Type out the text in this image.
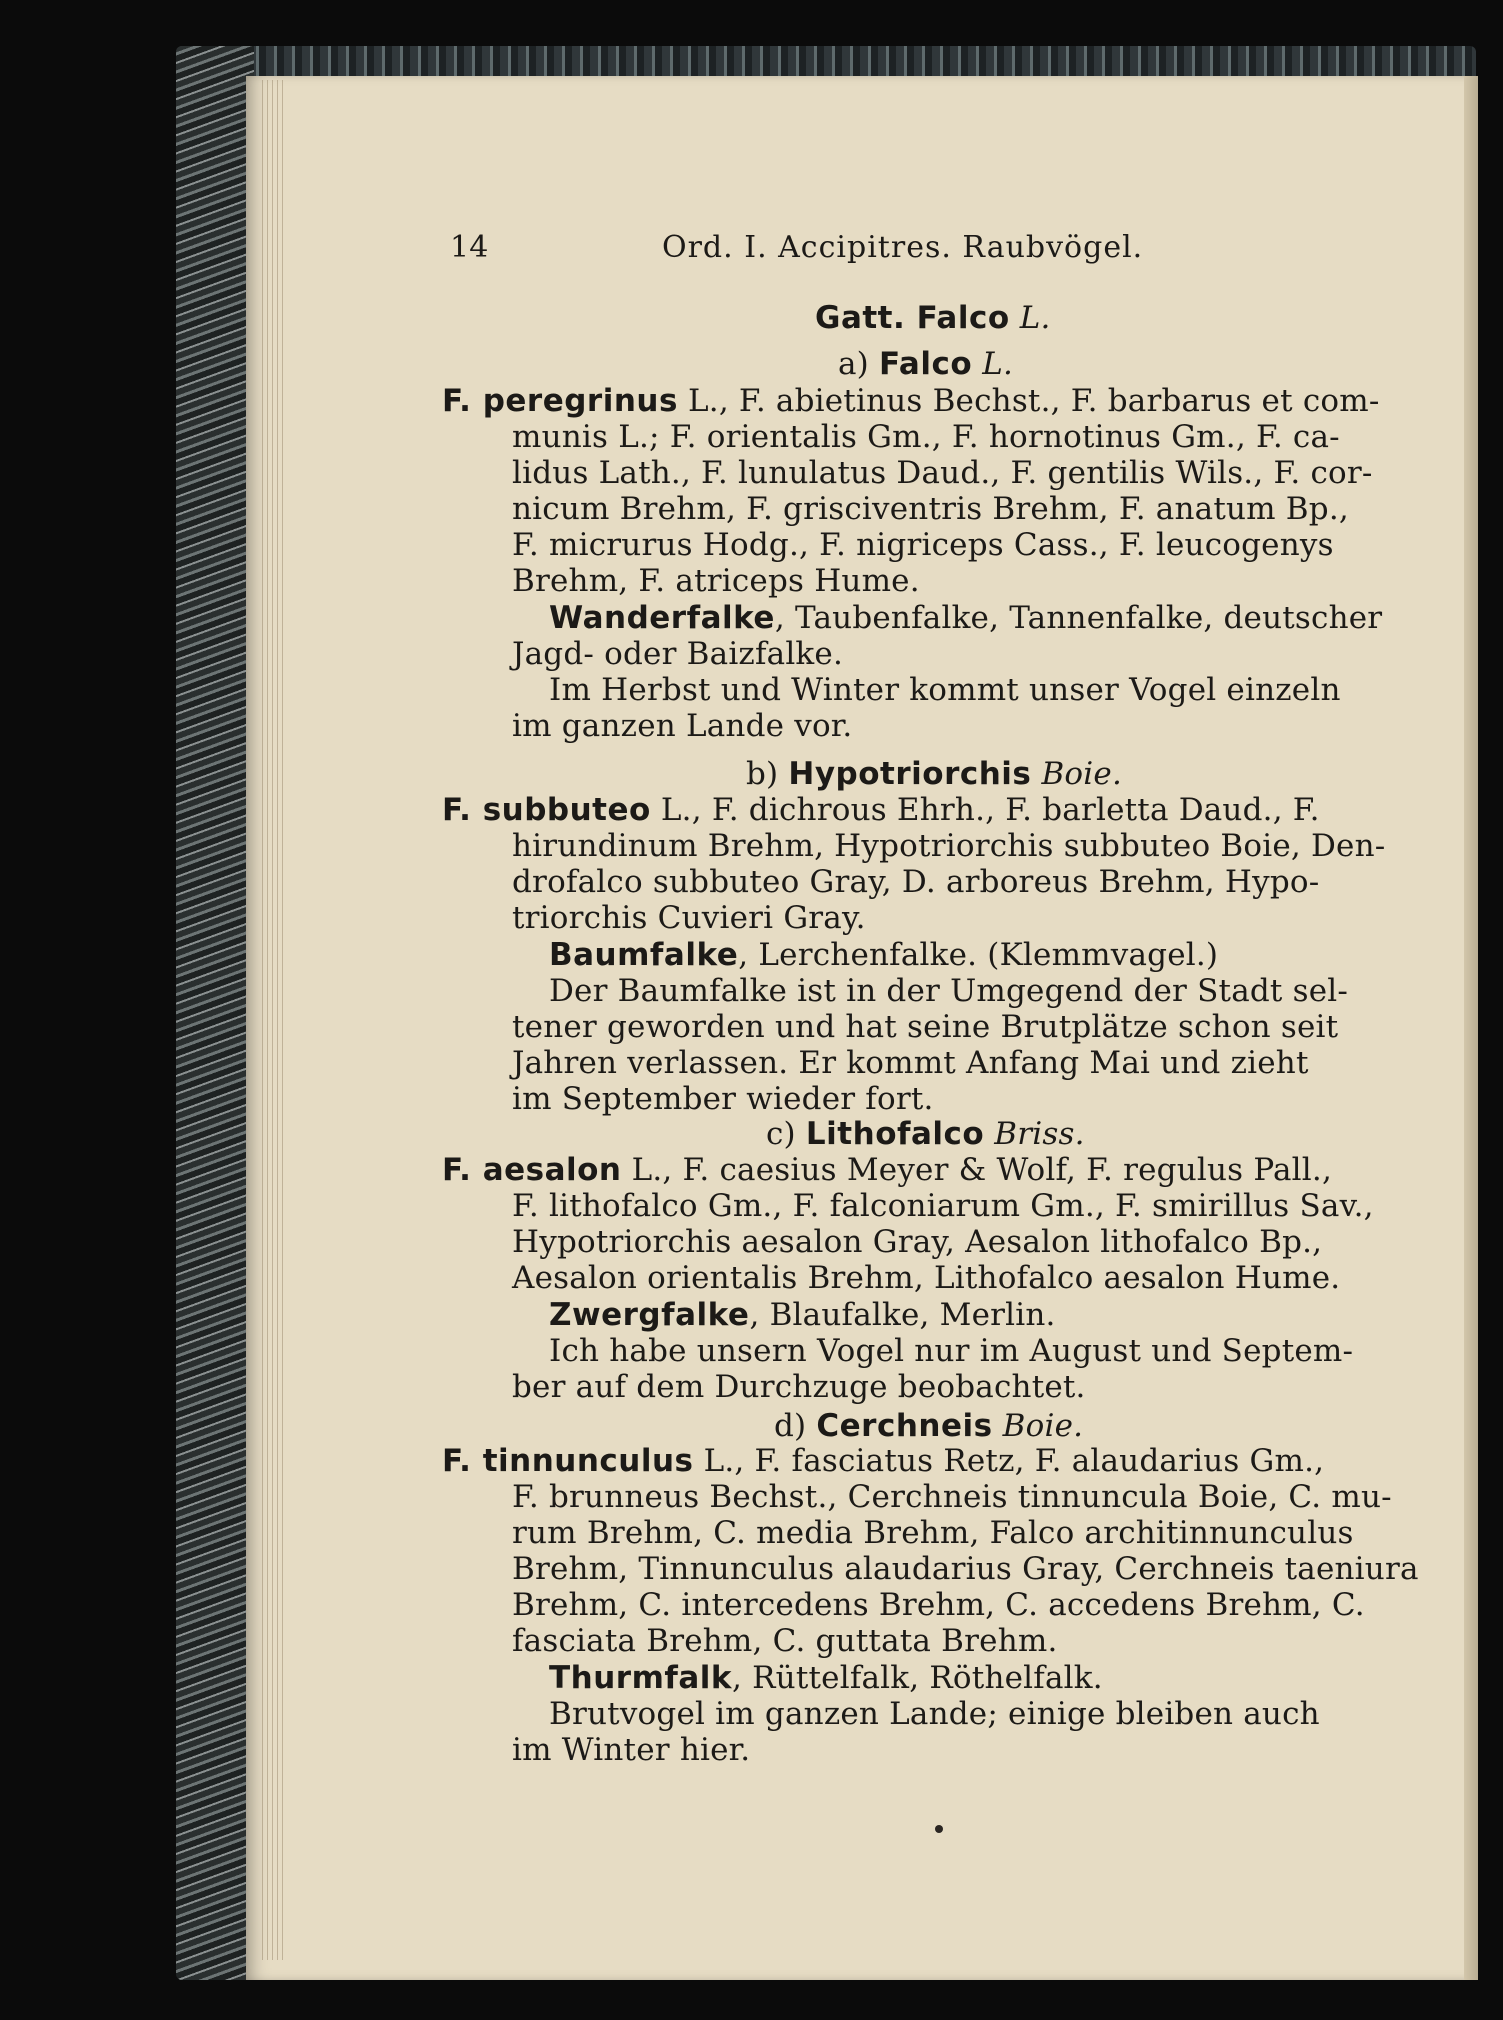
14	Ord. I. Accipitres. Raubvögel.
Gatt. Falco L.
a) Falco L.
F. peregrinus L., F. abietinus Bechst., F. barbarus et com-
munis L.; F. orientalis Gm., F. hornotinus Gm., F. ca-
lidus Lath., F. lunulatus Daud., F. gentilis Wils., F. cor-
nicum Brehm, F. grisciventris Brehm, F. anatum Bp.,
F. micrurus Hodg., F. nigriceps Cass., F. leucogenys
Brehm, F. atriceps Hume.
Wanderfalke, Taubenfalke, Tannenfalke, deutscher
Jagd- oder Baizfalke.
Im Herbst und Winter kommt unser Vogel einzeln
im ganzen Lande vor.
b) Hypotriorchis Boie.
F. subbuteo L., F. dichrous Ehrh., F. barletta Daud., F.
hirundinum Brehm, Hypotriorchis subbuteo Boie, Den-
drofalco subbuteo Gray, D. arboreus Brehm, Hypo-
triorchis Cuvieri Gray.
Baumfalke, Lerchenfalke. (Klemmvagel.)
Der Baumfalke ist in der Umgegend der Stadt sel-
tener geworden und hat seine Brutplätze schon seit
Jahren verlassen. Er kommt Anfang Mai und zieht
im September wieder fort.
c) Lithofalco Briss.
F. aesalon L., F. caesius Meyer & Wolf, F. regulus Pall.,
F. lithofalco Gm., F. falconiarum Gm., F. smirillus Sav.,
Hypotriorchis aesalon Gray, Aesalon lithofalco Bp.,
Aesalon orientalis Brehm, Lithofalco aesalon Hume.
Zwergfalke, Blaufalke, Merlin.
Ich habe unsern Vogel nur im August und Septem-
ber auf dem Durchzuge beobachtet.
d) Cerchneis Boie.
F. tinnunculus L., F. fasciatus Retz, F. alaudarius Gm.,
F. brunneus Bechst., Cerchneis tinnuncula Boie, C. mu-
rum Brehm, C. media Brehm, Falco architinnunculus
Brehm, Tinnunculus alaudarius Gray, Cerchneis taeniura
Brehm, C. intercedens Brehm, C. accedens Brehm, C.
fasciata Brehm, C. guttata Brehm.
Thurmfalk, Rüttelfalk, Röthelfalk.
Brutvogel im ganzen Lande; einige bleiben auch
im Winter hier.
